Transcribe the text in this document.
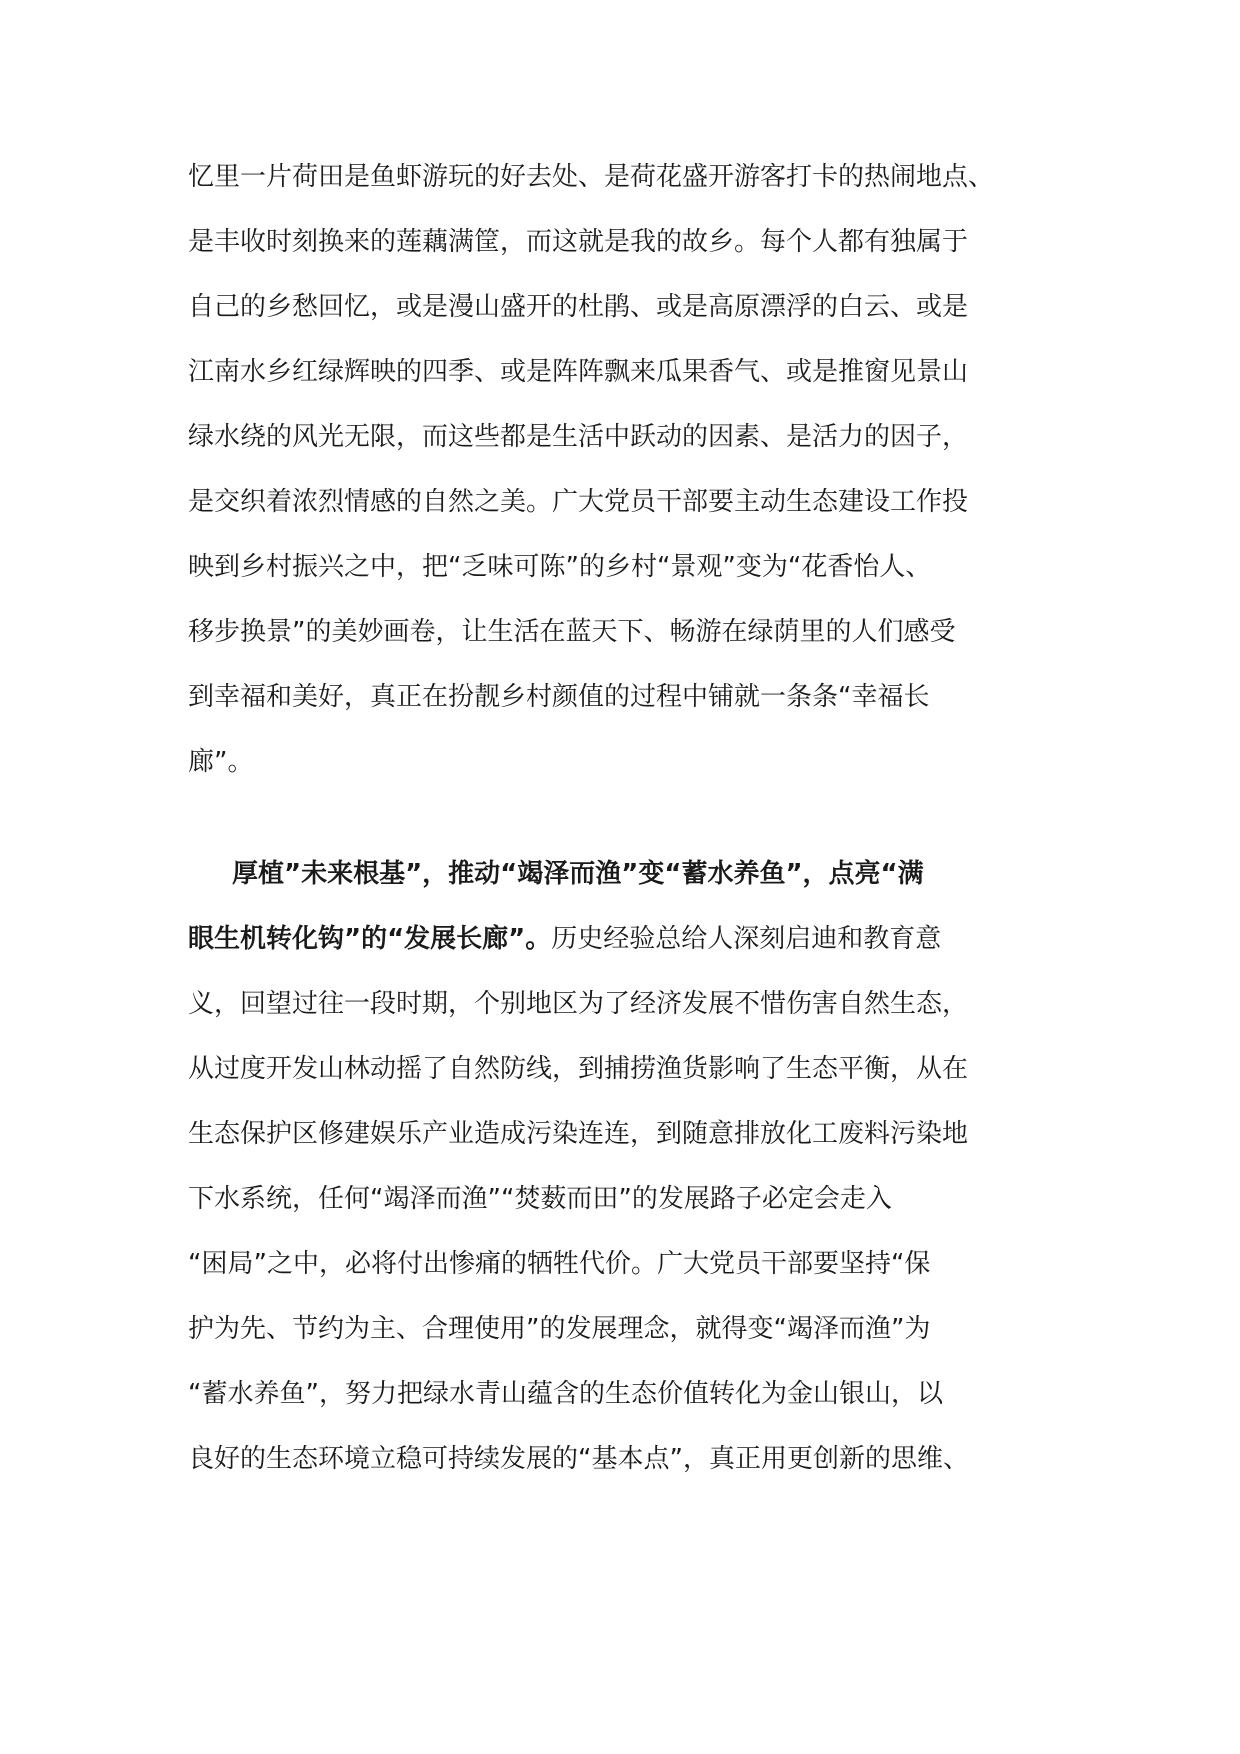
忆里一片荷田是鱼虾游玩的好去处、是荷花盛开游客打卡的热闹地点、
是丰收时刻换来的莲藕满筐，而这就是我的故乡。每个人都有独属于
自己的乡愁回忆，或是漫山盛开的杜鹃、或是高原漂浮的白云、或是
江南水乡红绿辉映的四季、或是阵阵飘来瓜果香气、或是推窗见景山
绿水绕的风光无限，而这些都是生活中跃动的因素、是活力的因子，
是交织着浓烈情感的自然之美。广大党员干部要主动生态建设工作投
映到乡村振兴之中，把“乏味可陈”的乡村“景观”变为“花香怡人、
移步换景”的美妙画卷，让生活在蓝天下、畅游在绿荫里的人们感受
到幸福和美好，真正在扮靓乡村颜值的过程中铺就一条条“幸福长
廊”。
厚植”未来根基”，推动“竭泽而渔”变“蓄水养鱼”，点亮“满
眼生机转化钩”的“发展长廊”。历史经验总给人深刻启迪和教育意
义，回望过往一段时期，个别地区为了经济发展不惜伤害自然生态，
从过度开发山林动摇了自然防线，到捕捞渔货影响了生态平衡，从在
生态保护区修建娱乐产业造成污染连连，到随意排放化工废料污染地
下水系统，任何“竭泽而渔”“焚薮而田”的发展路子必定会走入
“困局”之中，必将付出惨痛的牺牲代价。广大党员干部要坚持“保
护为先、节约为主、合理使用”的发展理念，就得变“竭泽而渔”为
“蓄水养鱼”，努力把绿水青山蕴含的生态价值转化为金山银山，以
良好的生态环境立稳可持续发展的“基本点”，真正用更创新的思维、
